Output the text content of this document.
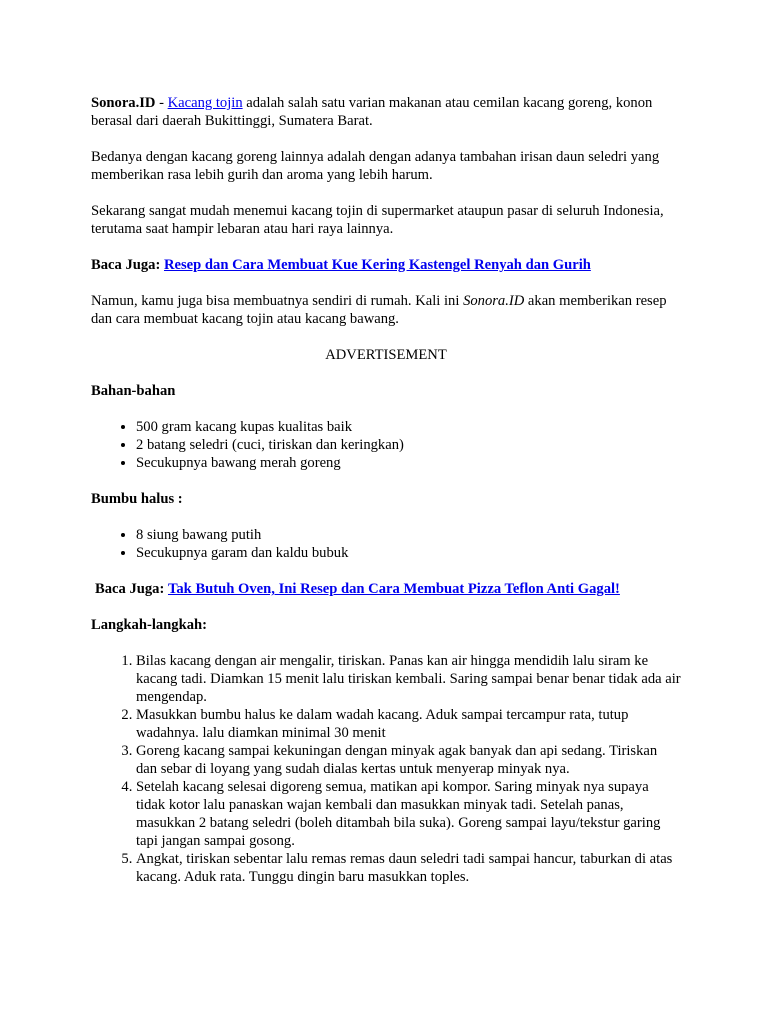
Sonora.ID - Kacang tojin adalah salah satu varian makanan atau cemilan kacang goreng, konon berasal dari daerah Bukittinggi, Sumatera Barat.

Bedanya dengan kacang goreng lainnya adalah dengan adanya tambahan irisan daun seledri yang memberikan rasa lebih gurih dan aroma yang lebih harum.

Sekarang sangat mudah menemui kacang tojin di supermarket ataupun pasar di seluruh Indonesia, terutama saat hampir lebaran atau hari raya lainnya.

Baca Juga: Resep dan Cara Membuat Kue Kering Kastengel Renyah dan Gurih

Namun, kamu juga bisa membuatnya sendiri di rumah. Kali ini Sonora.ID akan memberikan resep dan cara membuat kacang tojin atau kacang bawang.

ADVERTISEMENT

Bahan-bahan

• 500 gram kacang kupas kualitas baik
• 2 batang seledri (cuci, tiriskan dan keringkan)
• Secukupnya bawang merah goreng

Bumbu halus :

• 8 siung bawang putih
• Secukupnya garam dan kaldu bubuk

Baca Juga: Tak Butuh Oven, Ini Resep dan Cara Membuat Pizza Teflon Anti Gagal!

Langkah-langkah:

1. Bilas kacang dengan air mengalir, tiriskan. Panas kan air hingga mendidih lalu siram ke kacang tadi. Diamkan 15 menit lalu tiriskan kembali. Saring sampai benar benar tidak ada air mengendap.
2. Masukkan bumbu halus ke dalam wadah kacang. Aduk sampai tercampur rata, tutup wadahnya. lalu diamkan minimal 30 menit
3. Goreng kacang sampai kekuningan dengan minyak agak banyak dan api sedang. Tiriskan dan sebar di loyang yang sudah dialas kertas untuk menyerap minyak nya.
4. Setelah kacang selesai digoreng semua, matikan api kompor. Saring minyak nya supaya tidak kotor lalu panaskan wajan kembali dan masukkan minyak tadi. Setelah panas, masukkan 2 batang seledri (boleh ditambah bila suka). Goreng sampai layu/tekstur garing tapi jangan sampai gosong.
5. Angkat, tiriskan sebentar lalu remas remas daun seledri tadi sampai hancur, taburkan di atas kacang. Aduk rata. Tunggu dingin baru masukkan toples.
